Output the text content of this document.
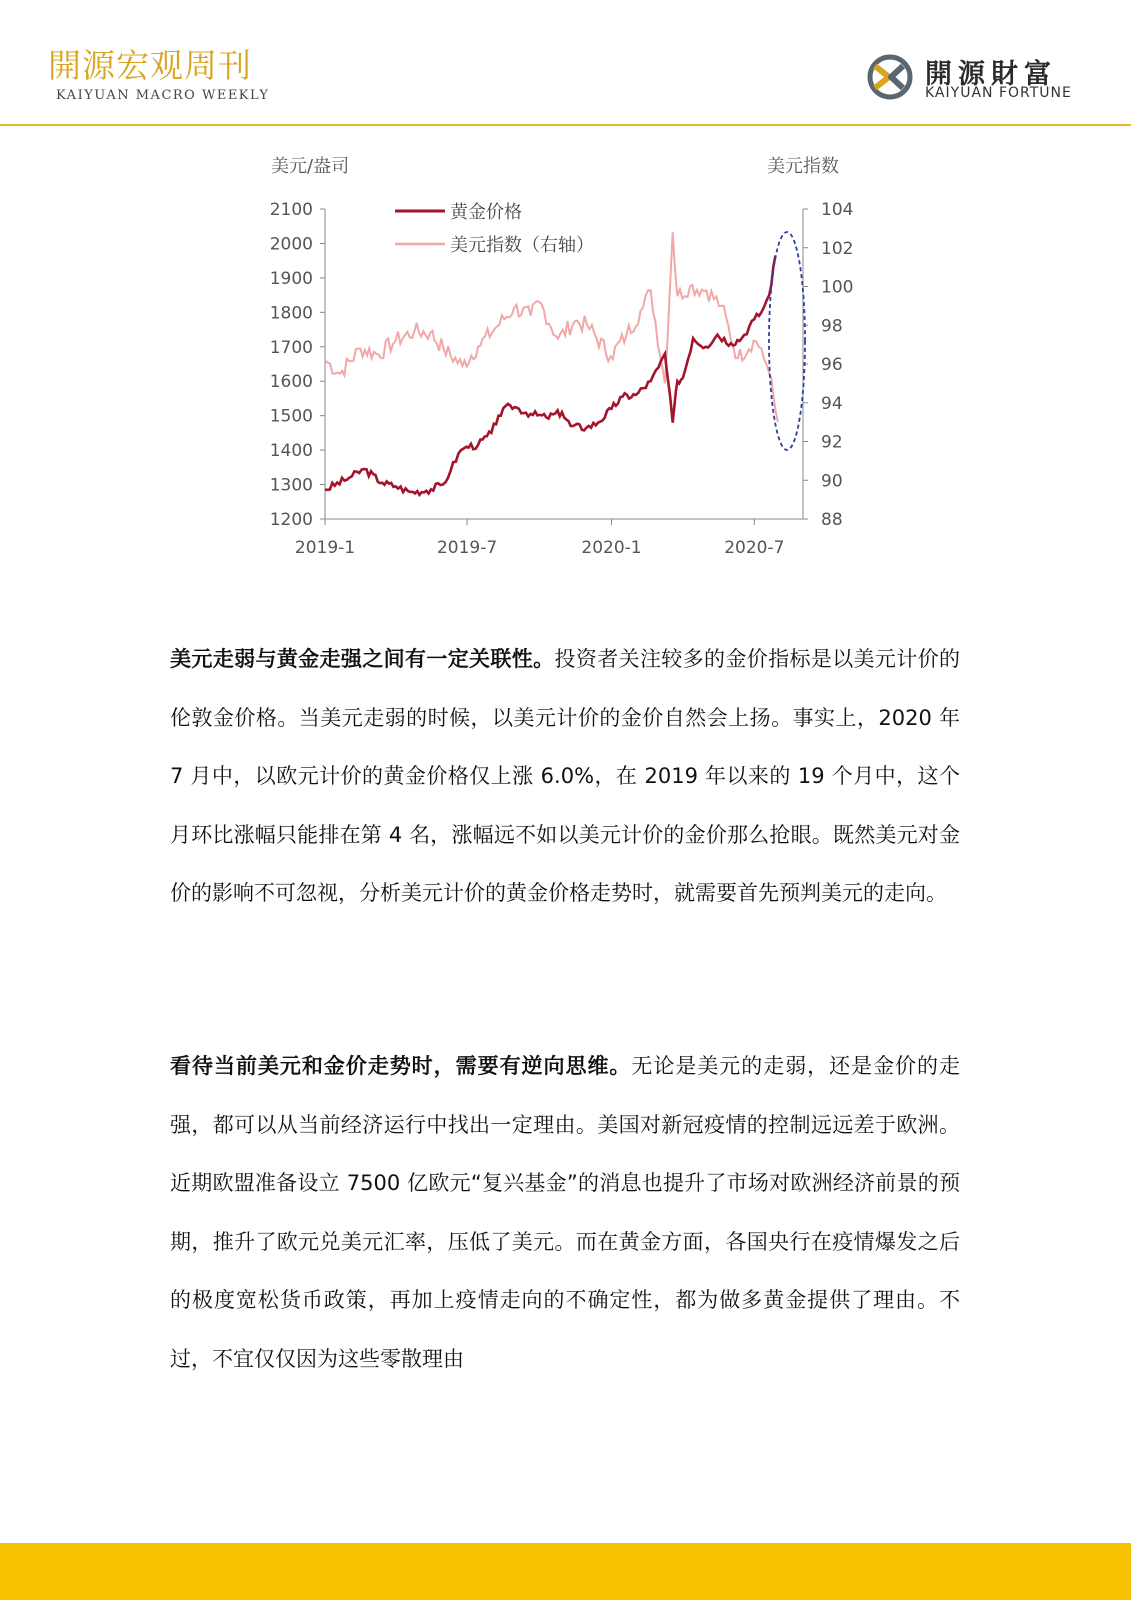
開源宏观周刊
KAIYUAN MACRO WEEKLY
開源財富
KAIYUAN FORTUNE
美元/盎司	美元指数
2100
2000
1900
1800
1700
1600
1500
1400
1300
1200
104
102
100
98
96
94
92
90
88
2019-1	2019-7	2020-1	2020-7
黄金价格
美元指数（右轴）

美元走弱与黄金走强之间有一定关联性。投资者关注较多的金价指标是以美元计价的伦敦金价格。当美元走弱的时候，以美元计价的金价自然会上扬。事实上，2020 年 7 月中，以欧元计价的黄金价格仅上涨 6.0%，在 2019 年以来的 19 个月中，这个月环比涨幅只能排在第 4 名，涨幅远不如以美元计价的金价那么抢眼。既然美元对金价的影响不可忽视，分析美元计价的黄金价格走势时，就需要首先预判美元的走向。

看待当前美元和金价走势时，需要有逆向思维。无论是美元的走弱，还是金价的走强，都可以从当前经济运行中找出一定理由。美国对新冠疫情的控制远远差于欧洲。近期欧盟准备设立 7500 亿欧元“复兴基金”的消息也提升了市场对欧洲经济前景的预期，推升了欧元兑美元汇率，压低了美元。而在黄金方面，各国央行在疫情爆发之后的极度宽松货币政策，再加上疫情走向的不确定性，都为做多黄金提供了理由。不过，不宜仅仅因为这些零散理由
